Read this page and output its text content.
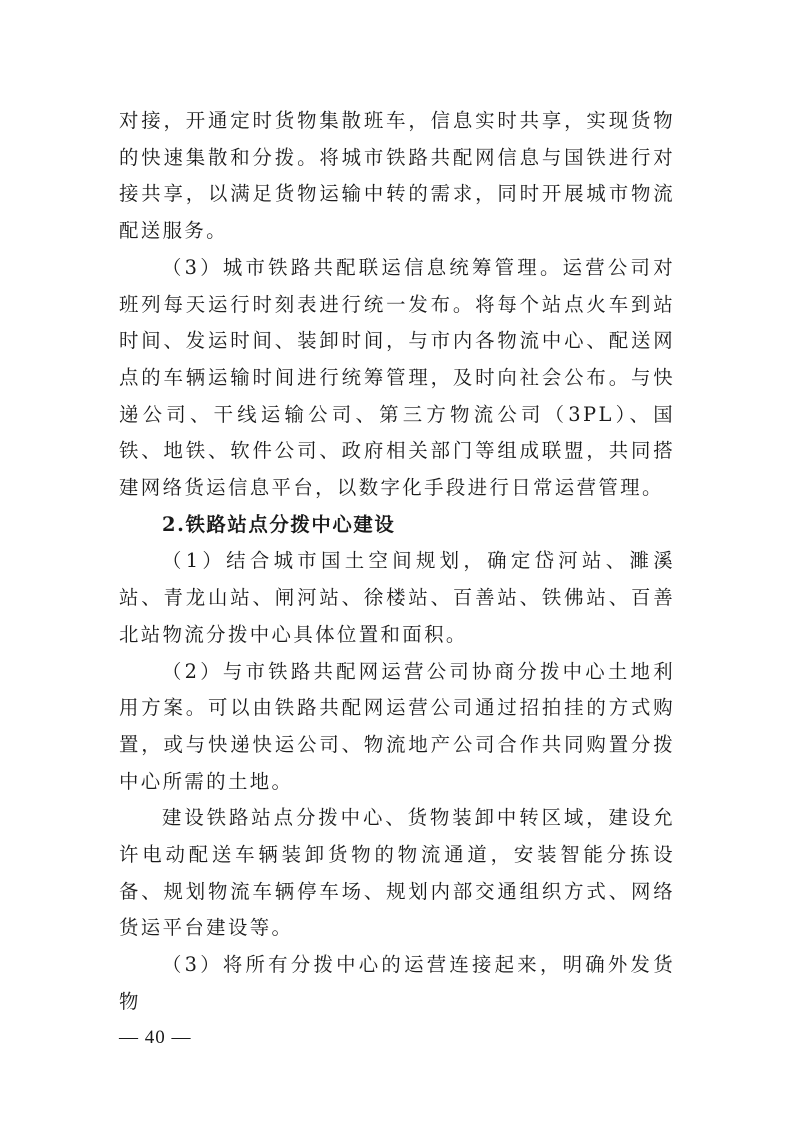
对接，开通定时货物集散班车，信息实时共享，实现货物的快速集散和分拨。将城市铁路共配网信息与国铁进行对接共享，以满足货物运输中转的需求，同时开展城市物流配送服务。

（3）城市铁路共配联运信息统筹管理。运营公司对班列每天运行时刻表进行统一发布。将每个站点火车到站时间、发运时间、装卸时间，与市内各物流中心、配送网点的车辆运输时间进行统筹管理，及时向社会公布。与快递公司、干线运输公司、第三方物流公司（3PL）、国铁、地铁、软件公司、政府相关部门等组成联盟，共同搭建网络货运信息平台，以数字化手段进行日常运营管理。

2.铁路站点分拨中心建设

（1）结合城市国土空间规划，确定岱河站、濉溪站、青龙山站、闸河站、徐楼站、百善站、铁佛站、百善北站物流分拨中心具体位置和面积。

（2）与市铁路共配网运营公司协商分拨中心土地利用方案。可以由铁路共配网运营公司通过招拍挂的方式购置，或与快递快运公司、物流地产公司合作共同购置分拨中心所需的土地。

建设铁路站点分拨中心、货物装卸中转区域，建设允许电动配送车辆装卸货物的物流通道，安装智能分拣设备、规划物流车辆停车场、规划内部交通组织方式、网络货运平台建设等。

（3）将所有分拨中心的运营连接起来，明确外发货物

— 40 —
